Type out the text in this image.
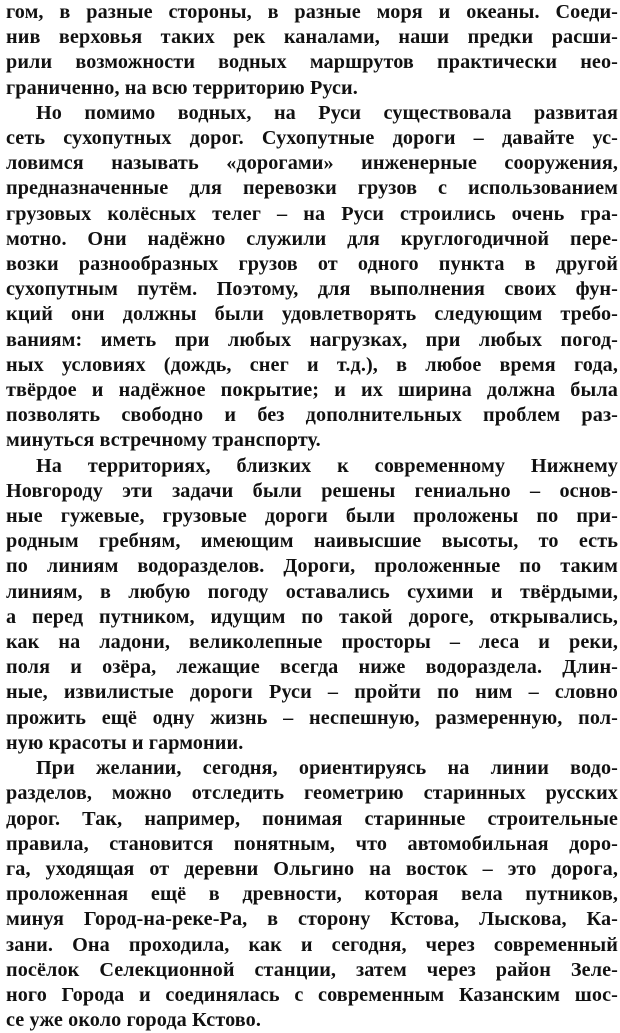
гом, в разные стороны, в разные моря и океаны. Соеди-
нив верховья таких рек каналами, наши предки расши-
рили возможности водных маршрутов практически нео-
граниченно, на всю территорию Руси.
Но помимо водных, на Руси существовала развитая
сеть сухопутных дорог. Сухопутные дороги – давайте ус-
ловимся называть «дорогами» инженерные сооружения,
предназначенные для перевозки грузов с использованием
грузовых колёсных телег – на Руси строились очень гра-
мотно. Они надёжно служили для круглогодичной пере-
возки разнообразных грузов от одного пункта в другой
сухопутным путём. Поэтому, для выполнения своих фун-
кций они должны были удовлетворять следующим требо-
ваниям: иметь при любых нагрузках, при любых погод-
ных условиях (дождь, снег и т.д.), в любое время года,
твёрдое и надёжное покрытие; и их ширина должна была
позволять свободно и без дополнительных проблем раз-
минуться встречному транспорту.
На территориях, близких к современному Нижнему
Новгороду эти задачи были решены гениально – основ-
ные гужевые, грузовые дороги были проложены по при-
родным гребням, имеющим наивысшие высоты, то есть
по линиям водоразделов. Дороги, проложенные по таким
линиям, в любую погоду оставались сухими и твёрдыми,
а перед путником, идущим по такой дороге, открывались,
как на ладони, великолепные просторы – леса и реки,
поля и озёра, лежащие всегда ниже водораздела. Длин-
ные, извилистые дороги Руси – пройти по ним – словно
прожить ещё одну жизнь – неспешную, размеренную, пол-
ную красоты и гармонии.
При желании, сегодня, ориентируясь на линии водо-
разделов, можно отследить геометрию старинных русских
дорог. Так, например, понимая старинные строительные
правила, становится понятным, что автомобильная доро-
га, уходящая от деревни Ольгино на восток – это дорога,
проложенная ещё в древности, которая вела путников,
минуя Город-на-реке-Ра, в сторону Кстова, Лыскова, Ка-
зани. Она проходила, как и сегодня, через современный
посёлок Селекционной станции, затем через район Зеле-
ного Города и соединялась с современным Казанским шос-
се уже около города Кстово.
